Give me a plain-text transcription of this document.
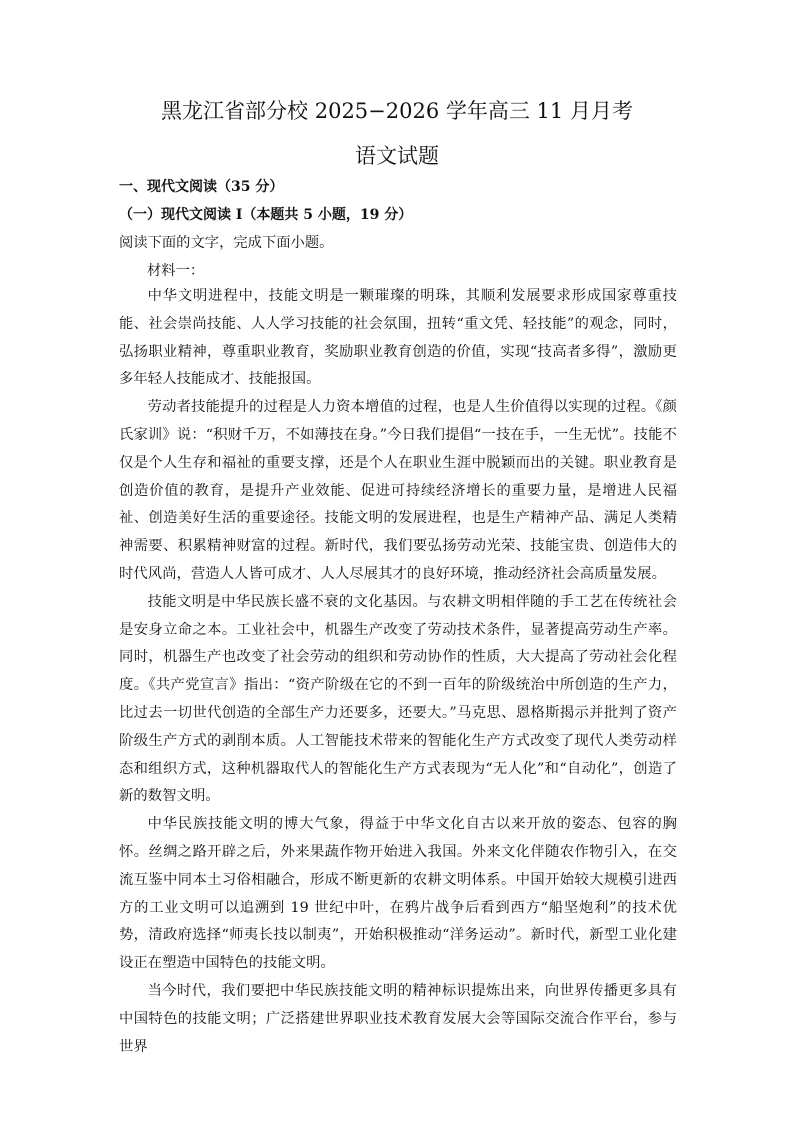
黑龙江省部分校 2025−2026 学年高三 11 月月考
语文试题

一、现代文阅读（35 分）

（一）现代文阅读 I（本题共 5 小题，19 分）

阅读下面的文字，完成下面小题。

材料一：

中华文明进程中，技能文明是一颗璀璨的明珠，其顺利发展要求形成国家尊重技能、社会崇尚技能、人人学习技能的社会氛围，扭转“重文凭、轻技能”的观念，同时，弘扬职业精神，尊重职业教育，奖励职业教育创造的价值，实现“技高者多得”，激励更多年轻人技能成才、技能报国。

劳动者技能提升的过程是人力资本增值的过程，也是人生价值得以实现的过程。《颜氏家训》说：“积财千万，不如薄技在身。”今日我们提倡“一技在手，一生无忧”。技能不仅是个人生存和福祉的重要支撑，还是个人在职业生涯中脱颖而出的关键。职业教育是创造价值的教育，是提升产业效能、促进可持续经济增长的重要力量，是增进人民福祉、创造美好生活的重要途径。技能文明的发展进程，也是生产精神产品、满足人类精神需要、积累精神财富的过程。新时代，我们要弘扬劳动光荣、技能宝贵、创造伟大的时代风尚，营造人人皆可成才、人人尽展其才的良好环境，推动经济社会高质量发展。

技能文明是中华民族长盛不衰的文化基因。与农耕文明相伴随的手工艺在传统社会是安身立命之本。工业社会中，机器生产改变了劳动技术条件，显著提高劳动生产率。同时，机器生产也改变了社会劳动的组织和劳动协作的性质，大大提高了劳动社会化程度。《共产党宣言》指出：“资产阶级在它的不到一百年的阶级统治中所创造的生产力，比过去一切世代创造的全部生产力还要多，还要大。”马克思、恩格斯揭示并批判了资产阶级生产方式的剥削本质。人工智能技术带来的智能化生产方式改变了现代人类劳动样态和组织方式，这种机器取代人的智能化生产方式表现为“无人化”和“自动化”，创造了新的数智文明。

中华民族技能文明的博大气象，得益于中华文化自古以来开放的姿态、包容的胸怀。丝绸之路开辟之后，外来果蔬作物开始进入我国。外来文化伴随农作物引入，在交流互鉴中同本土习俗相融合，形成不断更新的农耕文明体系。中国开始较大规模引进西方的工业文明可以追溯到 19 世纪中叶，在鸦片战争后看到西方“船坚炮利”的技术优势，清政府选择“师夷长技以制夷”，开始积极推动“洋务运动”。新时代，新型工业化建设正在塑造中国特色的技能文明。

当今时代，我们要把中华民族技能文明的精神标识提炼出来，向世界传播更多具有中国特色的技能文明；广泛搭建世界职业技术教育发展大会等国际交流合作平台，参与世界
